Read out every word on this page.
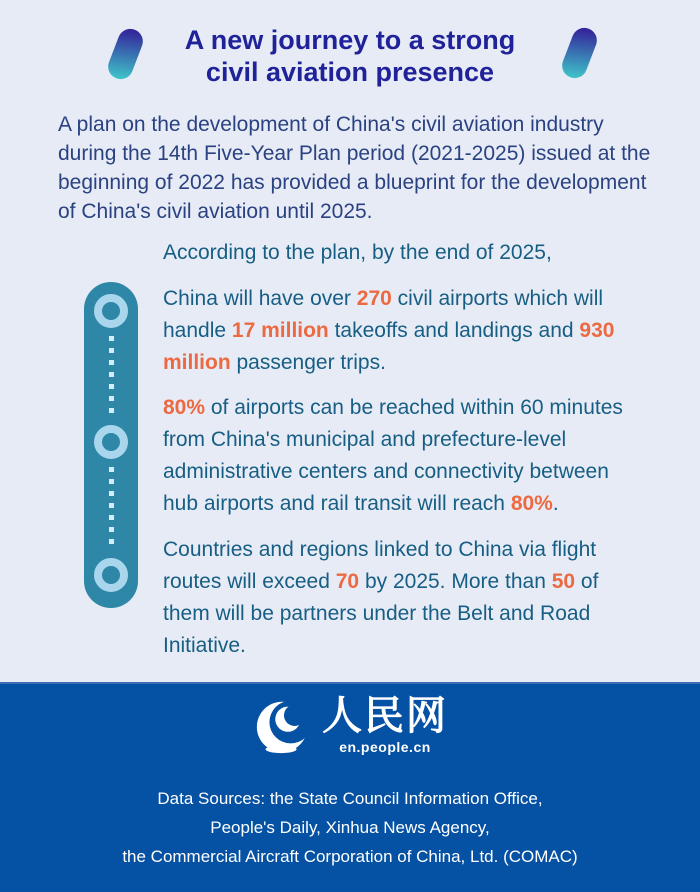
A new journey to a strong
civil aviation presence
A plan on the development of China's civil aviation industry during the 14th Five-Year Plan period (2021-2025) issued at the beginning of 2022 has provided a blueprint for the development of China's civil aviation until 2025.
According to the plan, by the end of 2025,
China will have over 270 civil airports which will handle 17 million takeoffs and landings and 930 million passenger trips.
80% of airports can be reached within 60 minutes from China's municipal and prefecture-level administrative centers and connectivity between hub airports and rail transit will reach 80%.
Countries and regions linked to China via flight routes will exceed 70 by 2025. More than 50 of them will be partners under the Belt and Road Initiative.
人民网
en.people.cn
Data Sources: the State Council Information Office,
People's Daily, Xinhua News Agency,
the Commercial Aircraft Corporation of China, Ltd. (COMAC)
